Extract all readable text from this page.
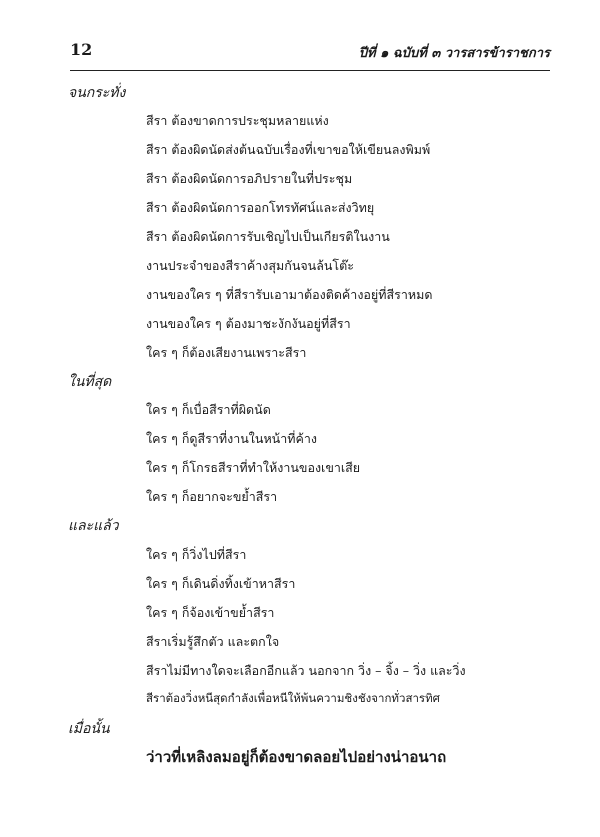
12	ปีที่ ๑ ฉบับที่ ๓ วารสารข้าราชการ
จนกระทั่ง
สีรา ต้องขาดการประชุมหลายแห่ง
สีรา ต้องผิดนัดส่งต้นฉบับเรื่องที่เขาขอให้เขียนลงพิมพ์
สีรา ต้องผิดนัดการอภิปรายในที่ประชุม
สีรา ต้องผิดนัดการออกโทรทัศน์และส่งวิทยุ
สีรา ต้องผิดนัดการรับเชิญไปเป็นเกียรติในงาน
งานประจำของสีราค้างสุมกันจนล้นโต๊ะ
งานของใคร ๆ ที่สีรารับเอามาต้องติดค้างอยู่ที่สีราหมด
งานของใคร ๆ ต้องมาชะงักงันอยู่ที่สีรา
ใคร ๆ ก็ต้องเสียงานเพราะสีรา
ในที่สุด
ใคร ๆ ก็เบื่อสีราที่ผิดนัด
ใคร ๆ ก็ดูสีราที่งานในหน้าที่ค้าง
ใคร ๆ ก็โกรธสีราที่ทำให้งานของเขาเสีย
ใคร ๆ ก็อยากจะขย้ำสีรา
และแล้ว
ใคร ๆ ก็วิ่งไปที่สีรา
ใคร ๆ ก็เดินดิ่งทิ้งเข้าหาสีรา
ใคร ๆ ก็จ้องเข้าขย้ำสีรา
สีราเริ่มรู้สึกตัว และตกใจ
สีราไม่มีทางใดจะเลือกอีกแล้ว นอกจาก วิ่ง – จิ้ง – วิ่ง และวิ่ง
สีราต้องวิ่งหนีสุดกำลังเพื่อหนีให้พ้นความชิงชังจากทั่วสารทิศ
เมื่อนั้น
ว่าวที่เหลิงลมอยู่ก็ต้องขาดลอยไปอย่างน่าอนาถ
